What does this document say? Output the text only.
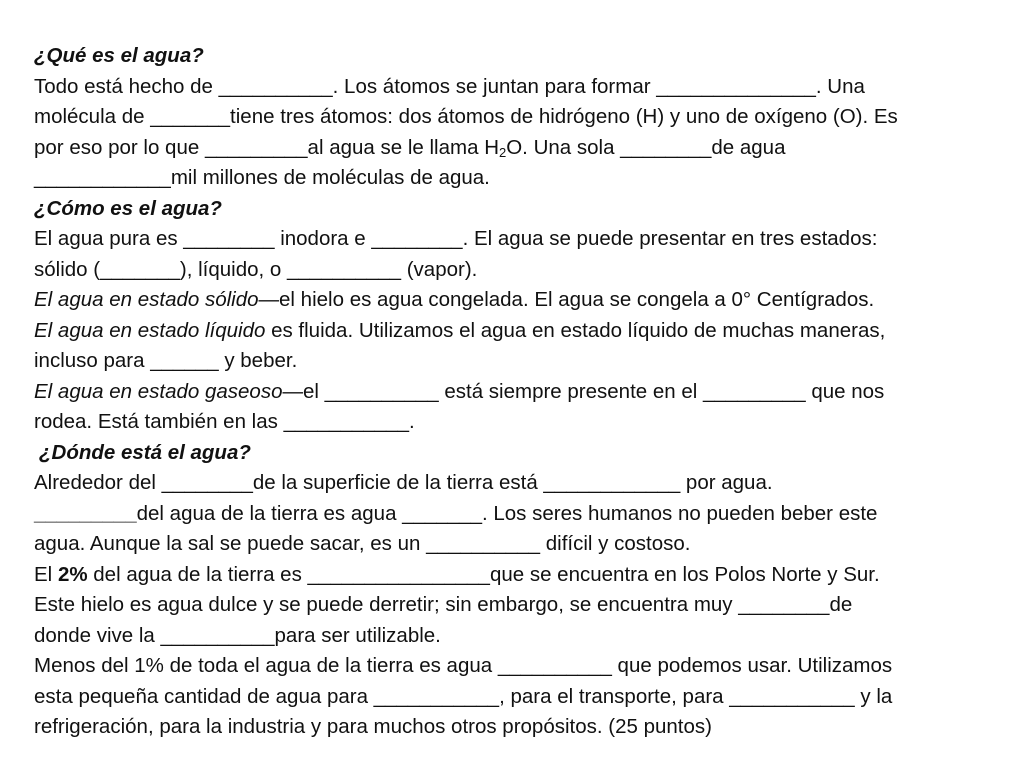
¿Qué es el agua?
Todo está hecho de __________. Los átomos se juntan para formar ______________. Una
molécula de _______tiene tres átomos: dos átomos de hidrógeno (H) y uno de oxígeno (O). Es
por eso por lo que _________al agua se le llama $H_2O$. Una sola ________de agua
____________mil millones de moléculas de agua.
¿Cómo es el agua?
El agua pura es ________ inodora e ________. El agua se puede presentar en tres estados:
sólido (_______), líquido, o __________ (vapor).
El agua en estado sólido—el hielo es agua congelada. El agua se congela a 0° Centígrados.
El agua en estado líquido es fluida. Utilizamos el agua en estado líquido de muchas maneras,
incluso para ______ y beber.
El agua en estado gaseoso—el __________ está siempre presente en el _________ que nos
rodea. Está también en las ___________.
¿Dónde está el agua?
Alrededor del ________de la superficie de la tierra está ____________ por agua.
_________del agua de la tierra es agua _______. Los seres humanos no pueden beber este
agua. Aunque la sal se puede sacar, es un __________ difícil y costoso.
El 2% del agua de la tierra es ________________que se encuentra en los Polos Norte y Sur.
Este hielo es agua dulce y se puede derretir; sin embargo, se encuentra muy ________de
donde vive la __________para ser utilizable.
Menos del 1% de toda el agua de la tierra es agua __________ que podemos usar. Utilizamos
esta pequeña cantidad de agua para ___________, para el transporte, para ___________ y la
refrigeración, para la industria y para muchos otros propósitos. (25 puntos)
